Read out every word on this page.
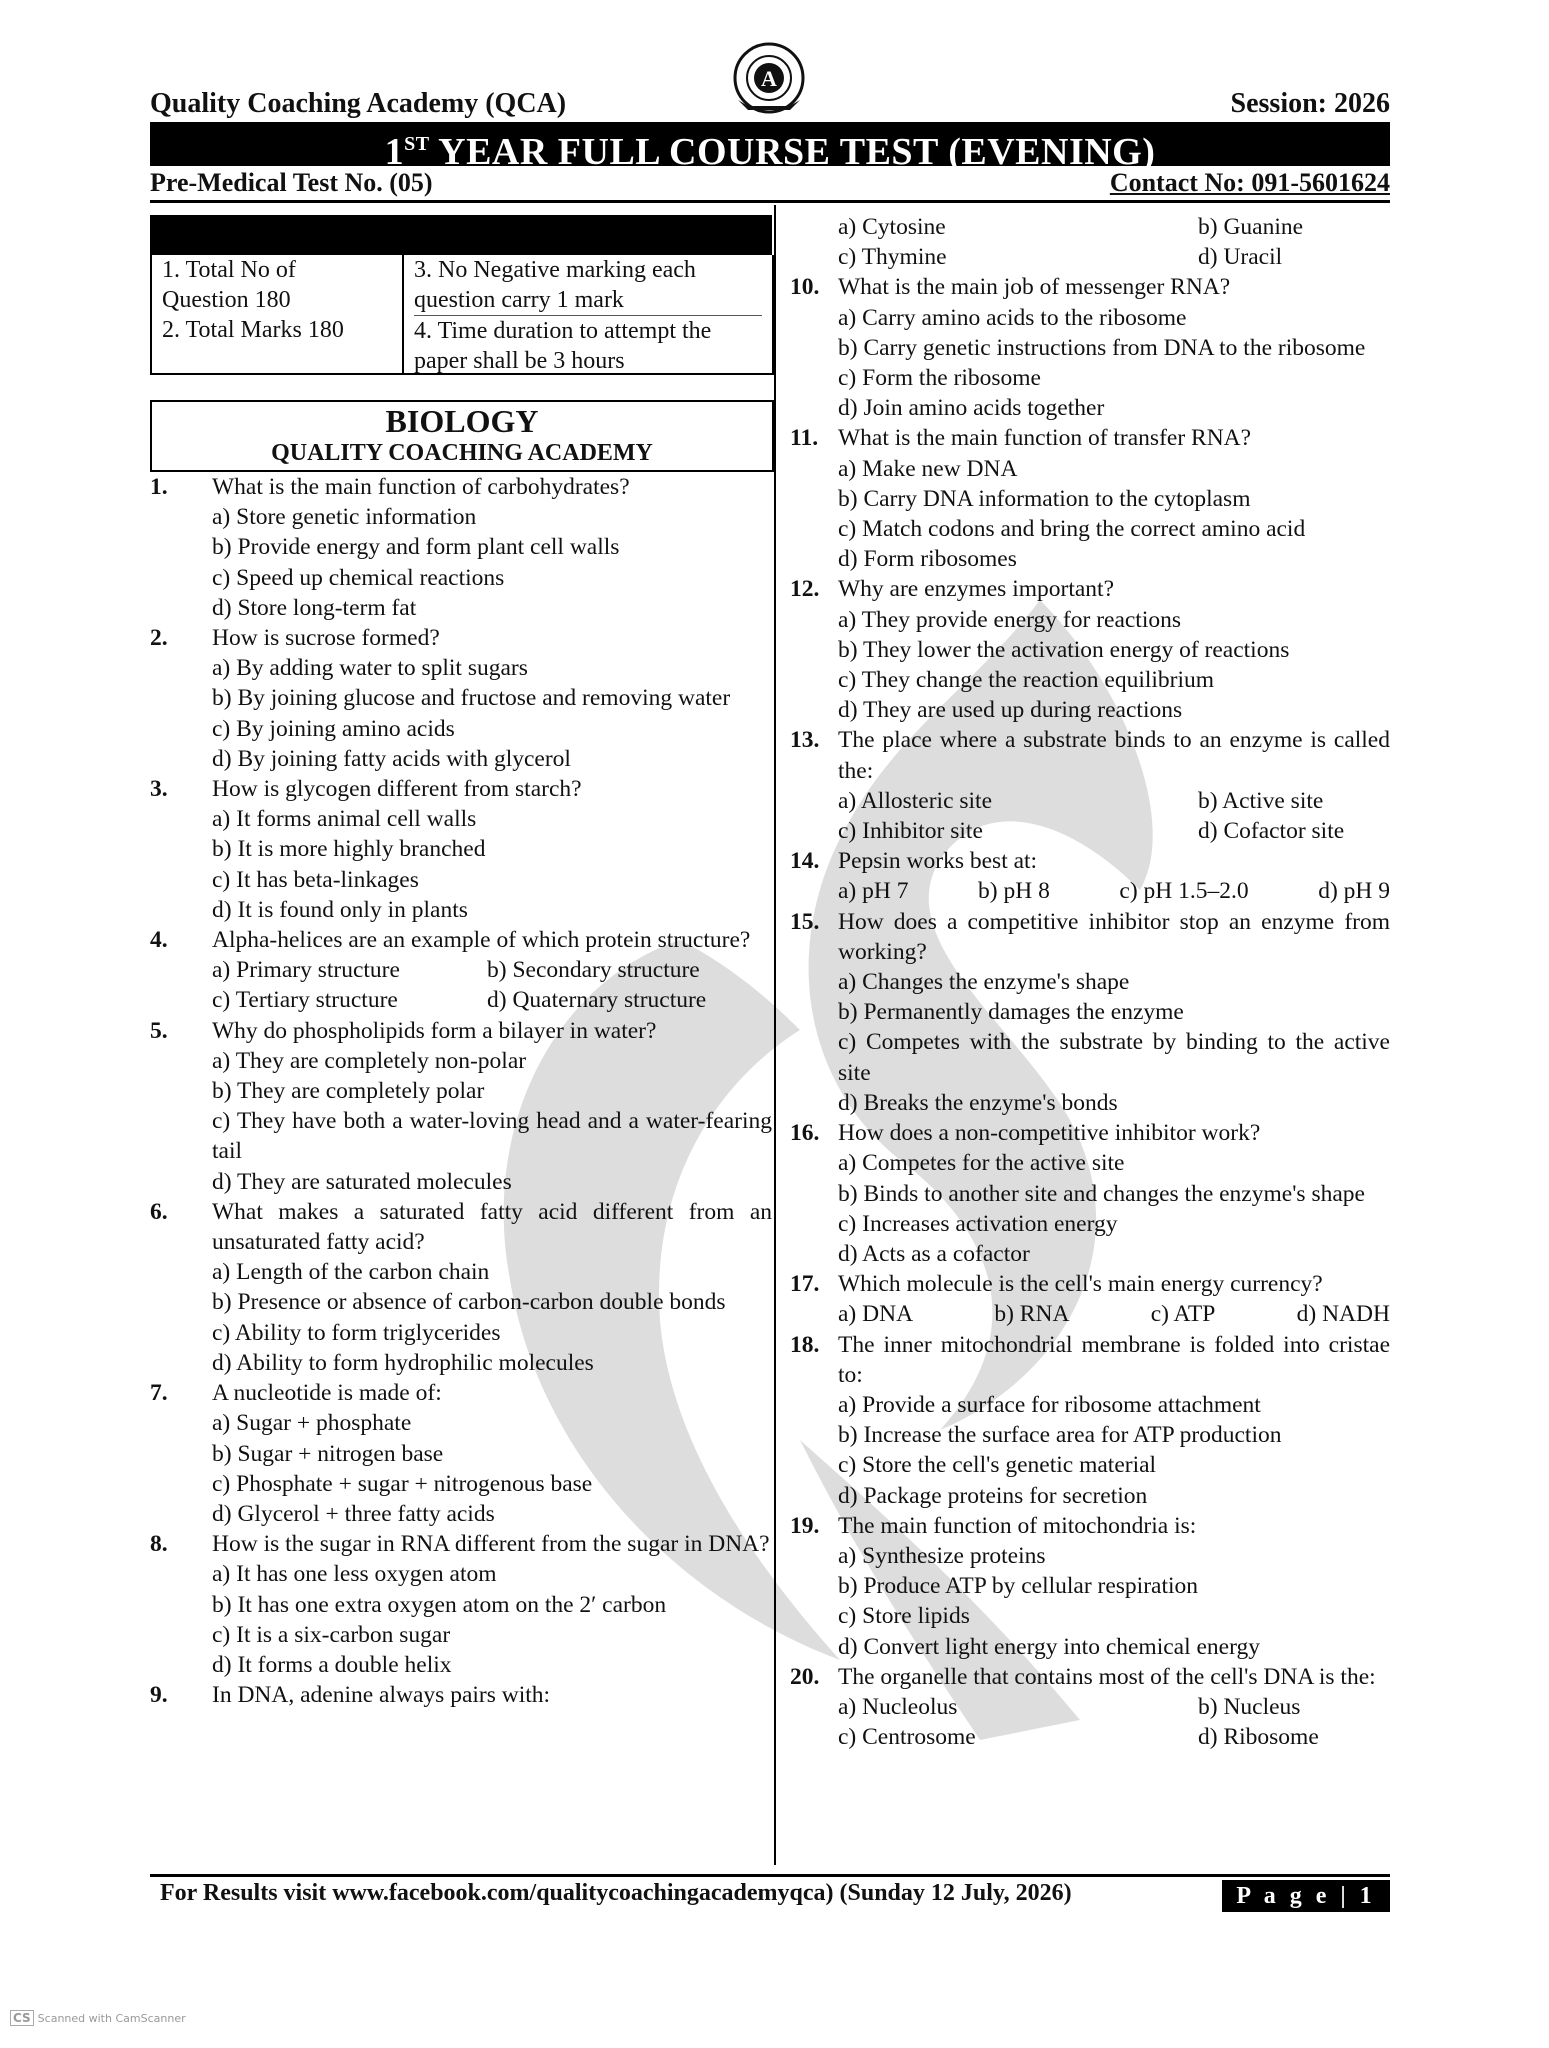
A
Quality Coaching Academy (QCA)	Session: 2026
1ST YEAR FULL COURSE TEST (EVENING)
Pre-Medical Test No. (05)	Contact No: 091-5601624
1. Total No of
Question 180
2. Total Marks 180
3. No Negative marking each
question carry 1 mark
4. Time duration to attempt the
paper shall be 3 hours
BIOLOGY
QUALITY COACHING ACADEMY
1.	What is the main function of carbohydrates?
a) Store genetic information
b) Provide energy and form plant cell walls
c) Speed up chemical reactions
d) Store long-term fat
2.	How is sucrose formed?
a) By adding water to split sugars
b) By joining glucose and fructose and removing water
c) By joining amino acids
d) By joining fatty acids with glycerol
3.	How is glycogen different from starch?
a) It forms animal cell walls
b) It is more highly branched
c) It has beta-linkages
d) It is found only in plants
4.	Alpha-helices are an example of which protein structure?
a) Primary structure	b) Secondary structure
c) Tertiary structure	d) Quaternary structure
5.	Why do phospholipids form a bilayer in water?
a) They are completely non-polar
b) They are completely polar
c) They have both a water-loving head and a water-fearing tail
d) They are saturated molecules
6.	What makes a saturated fatty acid different from an unsaturated fatty acid?
a) Length of the carbon chain
b) Presence or absence of carbon-carbon double bonds
c) Ability to form triglycerides
d) Ability to form hydrophilic molecules
7.	A nucleotide is made of:
a) Sugar + phosphate
b) Sugar + nitrogen base
c) Phosphate + sugar + nitrogenous base
d) Glycerol + three fatty acids
8.	How is the sugar in RNA different from the sugar in DNA?
a) It has one less oxygen atom
b) It has one extra oxygen atom on the 2′ carbon
c) It is a six-carbon sugar
d) It forms a double helix
9.	In DNA, adenine always pairs with:
a) Cytosine	b) Guanine
c) Thymine	d) Uracil
10. What is the main job of messenger RNA?
a) Carry amino acids to the ribosome
b) Carry genetic instructions from DNA to the ribosome
c) Form the ribosome
d) Join amino acids together
11. What is the main function of transfer RNA?
a) Make new DNA
b) Carry DNA information to the cytoplasm
c) Match codons and bring the correct amino acid
d) Form ribosomes
12. Why are enzymes important?
a) They provide energy for reactions
b) They lower the activation energy of reactions
c) They change the reaction equilibrium
d) They are used up during reactions
13. The place where a substrate binds to an enzyme is called the:
a) Allosteric site	b) Active site
c) Inhibitor site	d) Cofactor site
14. Pepsin works best at:
a) pH 7	b) pH 8	c) pH 1.5–2.0	d) pH 9
15. How does a competitive inhibitor stop an enzyme from working?
a) Changes the enzyme's shape
b) Permanently damages the enzyme
c) Competes with the substrate by binding to the active site
d) Breaks the enzyme's bonds
16. How does a non-competitive inhibitor work?
a) Competes for the active site
b) Binds to another site and changes the enzyme's shape
c) Increases activation energy
d) Acts as a cofactor
17. Which molecule is the cell's main energy currency?
a) DNA	b) RNA	c) ATP	d) NADH
18. The inner mitochondrial membrane is folded into cristae to:
a) Provide a surface for ribosome attachment
b) Increase the surface area for ATP production
c) Store the cell's genetic material
d) Package proteins for secretion
19. The main function of mitochondria is:
a) Synthesize proteins
b) Produce ATP by cellular respiration
c) Store lipids
d) Convert light energy into chemical energy
20. The organelle that contains most of the cell's DNA is the:
a) Nucleolus	b) Nucleus
c) Centrosome	d) Ribosome
For Results visit www.facebook.com/qualitycoachingacademyqca) (Sunday 12 July, 2026)	P a g e | 1
CS Scanned with CamScanner
